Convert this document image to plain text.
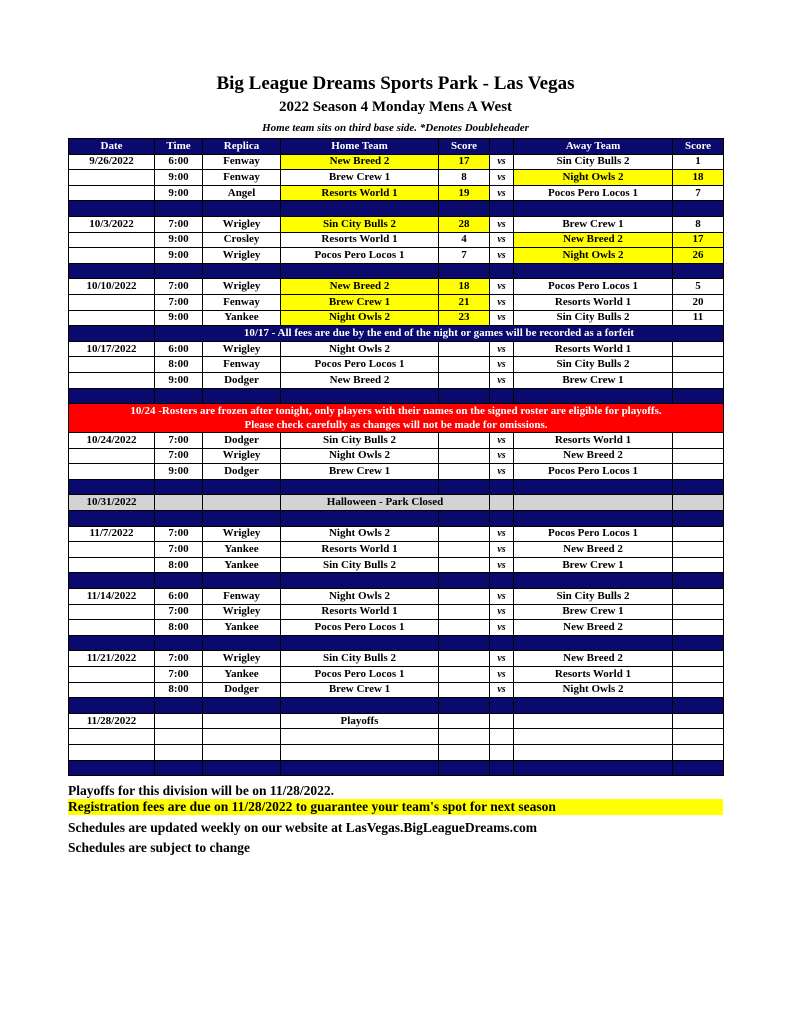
Big League Dreams Sports Park - Las Vegas
2022 Season 4 Monday Mens A West
Home team sits on third base side. *Denotes Doubleheader
Date	Time	Replica	Home Team	Score		Away Team	Score
9/26/2022	6:00	Fenway	New Breed 2	17	vs	Sin City Bulls 2	1
	9:00	Fenway	Brew Crew 1	8	vs	Night Owls 2	18
	9:00	Angel	Resorts World 1	19	vs	Pocos Pero Locos 1	7

10/3/2022	7:00	Wrigley	Sin City Bulls 2	28	vs	Brew Crew 1	8
	9:00	Crosley	Resorts World 1	4	vs	New Breed 2	17
	9:00	Wrigley	Pocos Pero Locos 1	7	vs	Night Owls 2	26

10/10/2022	7:00	Wrigley	New Breed 2	18	vs	Pocos Pero Locos 1	5
	7:00	Fenway	Brew Crew 1	21	vs	Resorts World 1	20
	9:00	Yankee	Night Owls 2	23	vs	Sin City Bulls 2	11
	10/17 - All fees are due by the end of the night or games will be recorded as a forfeit						
10/17/2022	6:00	Wrigley	Night Owls 2		vs	Resorts World 1	
	8:00	Fenway	Pocos Pero Locos 1		vs	Sin City Bulls 2	
	9:00	Dodger	New Breed 2		vs	Brew Crew 1	

10/24 -Rosters are frozen after tonight, only players with their names on the signed roster are eligible for playoffs.
Please check carefully as changes will not be made for omissions.							

10/24/2022	7:00	Dodger	Sin City Bulls 2		vs	Resorts World 1	
	7:00	Wrigley	Night Owls 2		vs	New Breed 2	
	9:00	Dodger	Brew Crew 1		vs	Pocos Pero Locos 1	

10/31/2022			Halloween - Park Closed				

11/7/2022	7:00	Wrigley	Night Owls 2		vs	Pocos Pero Locos 1	
	7:00	Yankee	Resorts World 1		vs	New Breed 2	
	8:00	Yankee	Sin City Bulls 2		vs	Brew Crew 1	

11/14/2022	6:00	Fenway	Night Owls 2		vs	Sin City Bulls 2	
	7:00	Wrigley	Resorts World 1		vs	Brew Crew 1	
	8:00	Yankee	Pocos Pero Locos 1		vs	New Breed 2	

11/21/2022	7:00	Wrigley	Sin City Bulls 2		vs	New Breed 2	
	7:00	Yankee	Pocos Pero Locos 1		vs	Resorts World 1	
	8:00	Dodger	Brew Crew 1		vs	Night Owls 2	

11/28/2022			Playoffs				

Playoffs for this division will be on 11/28/2022.
Registration fees are due on 11/28/2022 to guarantee your team's spot for next season
Schedules are updated weekly on our website at LasVegas.BigLeagueDreams.com
Schedules are subject to change
